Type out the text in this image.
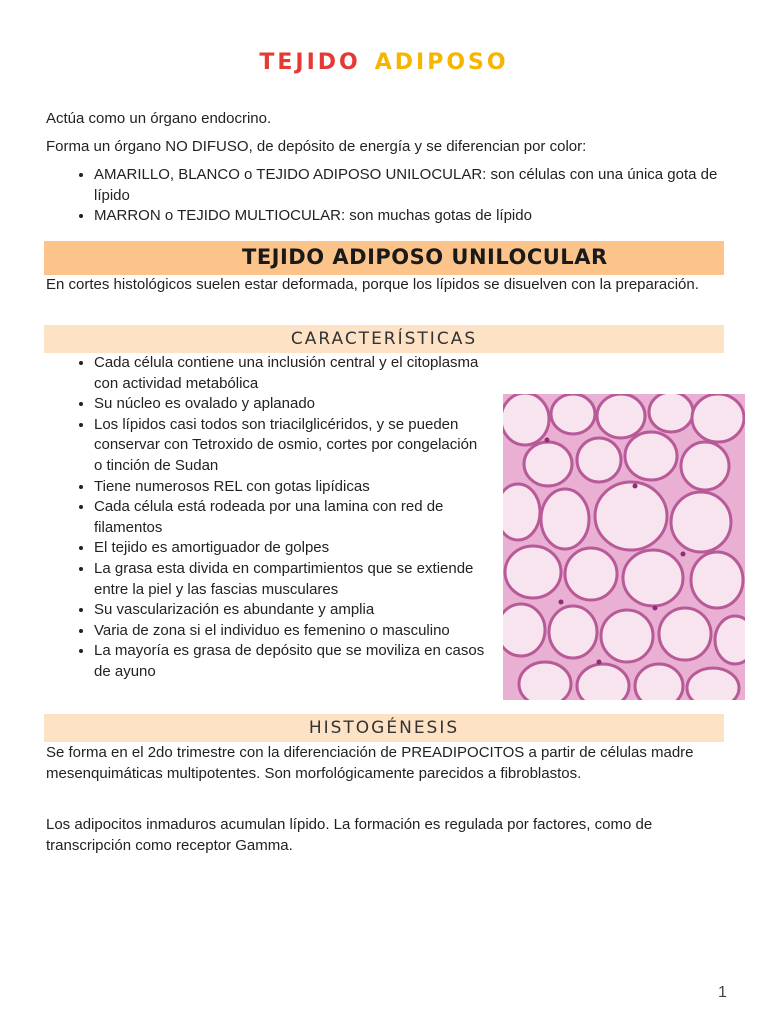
TEJIDO ADIPOSO

Actúa como un órgano endocrino.

Forma un órgano NO DIFUSO, de depósito de energía y se diferencian por color:

• AMARILLO, BLANCO o TEJIDO ADIPOSO UNILOCULAR: son células con una única gota de lípido
• MARRON o TEJIDO MULTIOCULAR: son muchas gotas de lípido
TEJIDO ADIPOSO UNILOCULAR

En cortes histológicos suelen estar deformada, porque los lípidos se disuelven con la preparación.

CARACTERÍSTICAS
• Cada célula contiene una inclusión central y el citoplasma con actividad metabólica
• Su núcleo es ovalado y aplanado
• Los lípidos casi todos son triacilglicéridos, y se pueden conservar con Tetroxido de osmio, cortes por congelación o tinción de Sudan
• Tiene numerosos REL con gotas lipídicas
• Cada célula está rodeada por una lamina con red de filamentos
• El tejido es amortiguador de golpes
• La grasa esta divida en compartimientos que se extiende entre la piel y las fascias musculares
• Su vascularización es abundante y amplia
• Varia de zona si el individuo es femenino o masculino
• La mayoría es grasa de depósito que se moviliza en casos de ayuno
HISTOGÉNESIS

Se forma en el 2do trimestre con la diferenciación de PREADIPOCITOS a partir de células madre mesenquimáticas multipotentes. Son morfológicamente parecidos a fibroblastos.

Los adipocitos inmaduros acumulan lípido. La formación es regulada por factores, como de transcripción como receptor Gamma.

1
